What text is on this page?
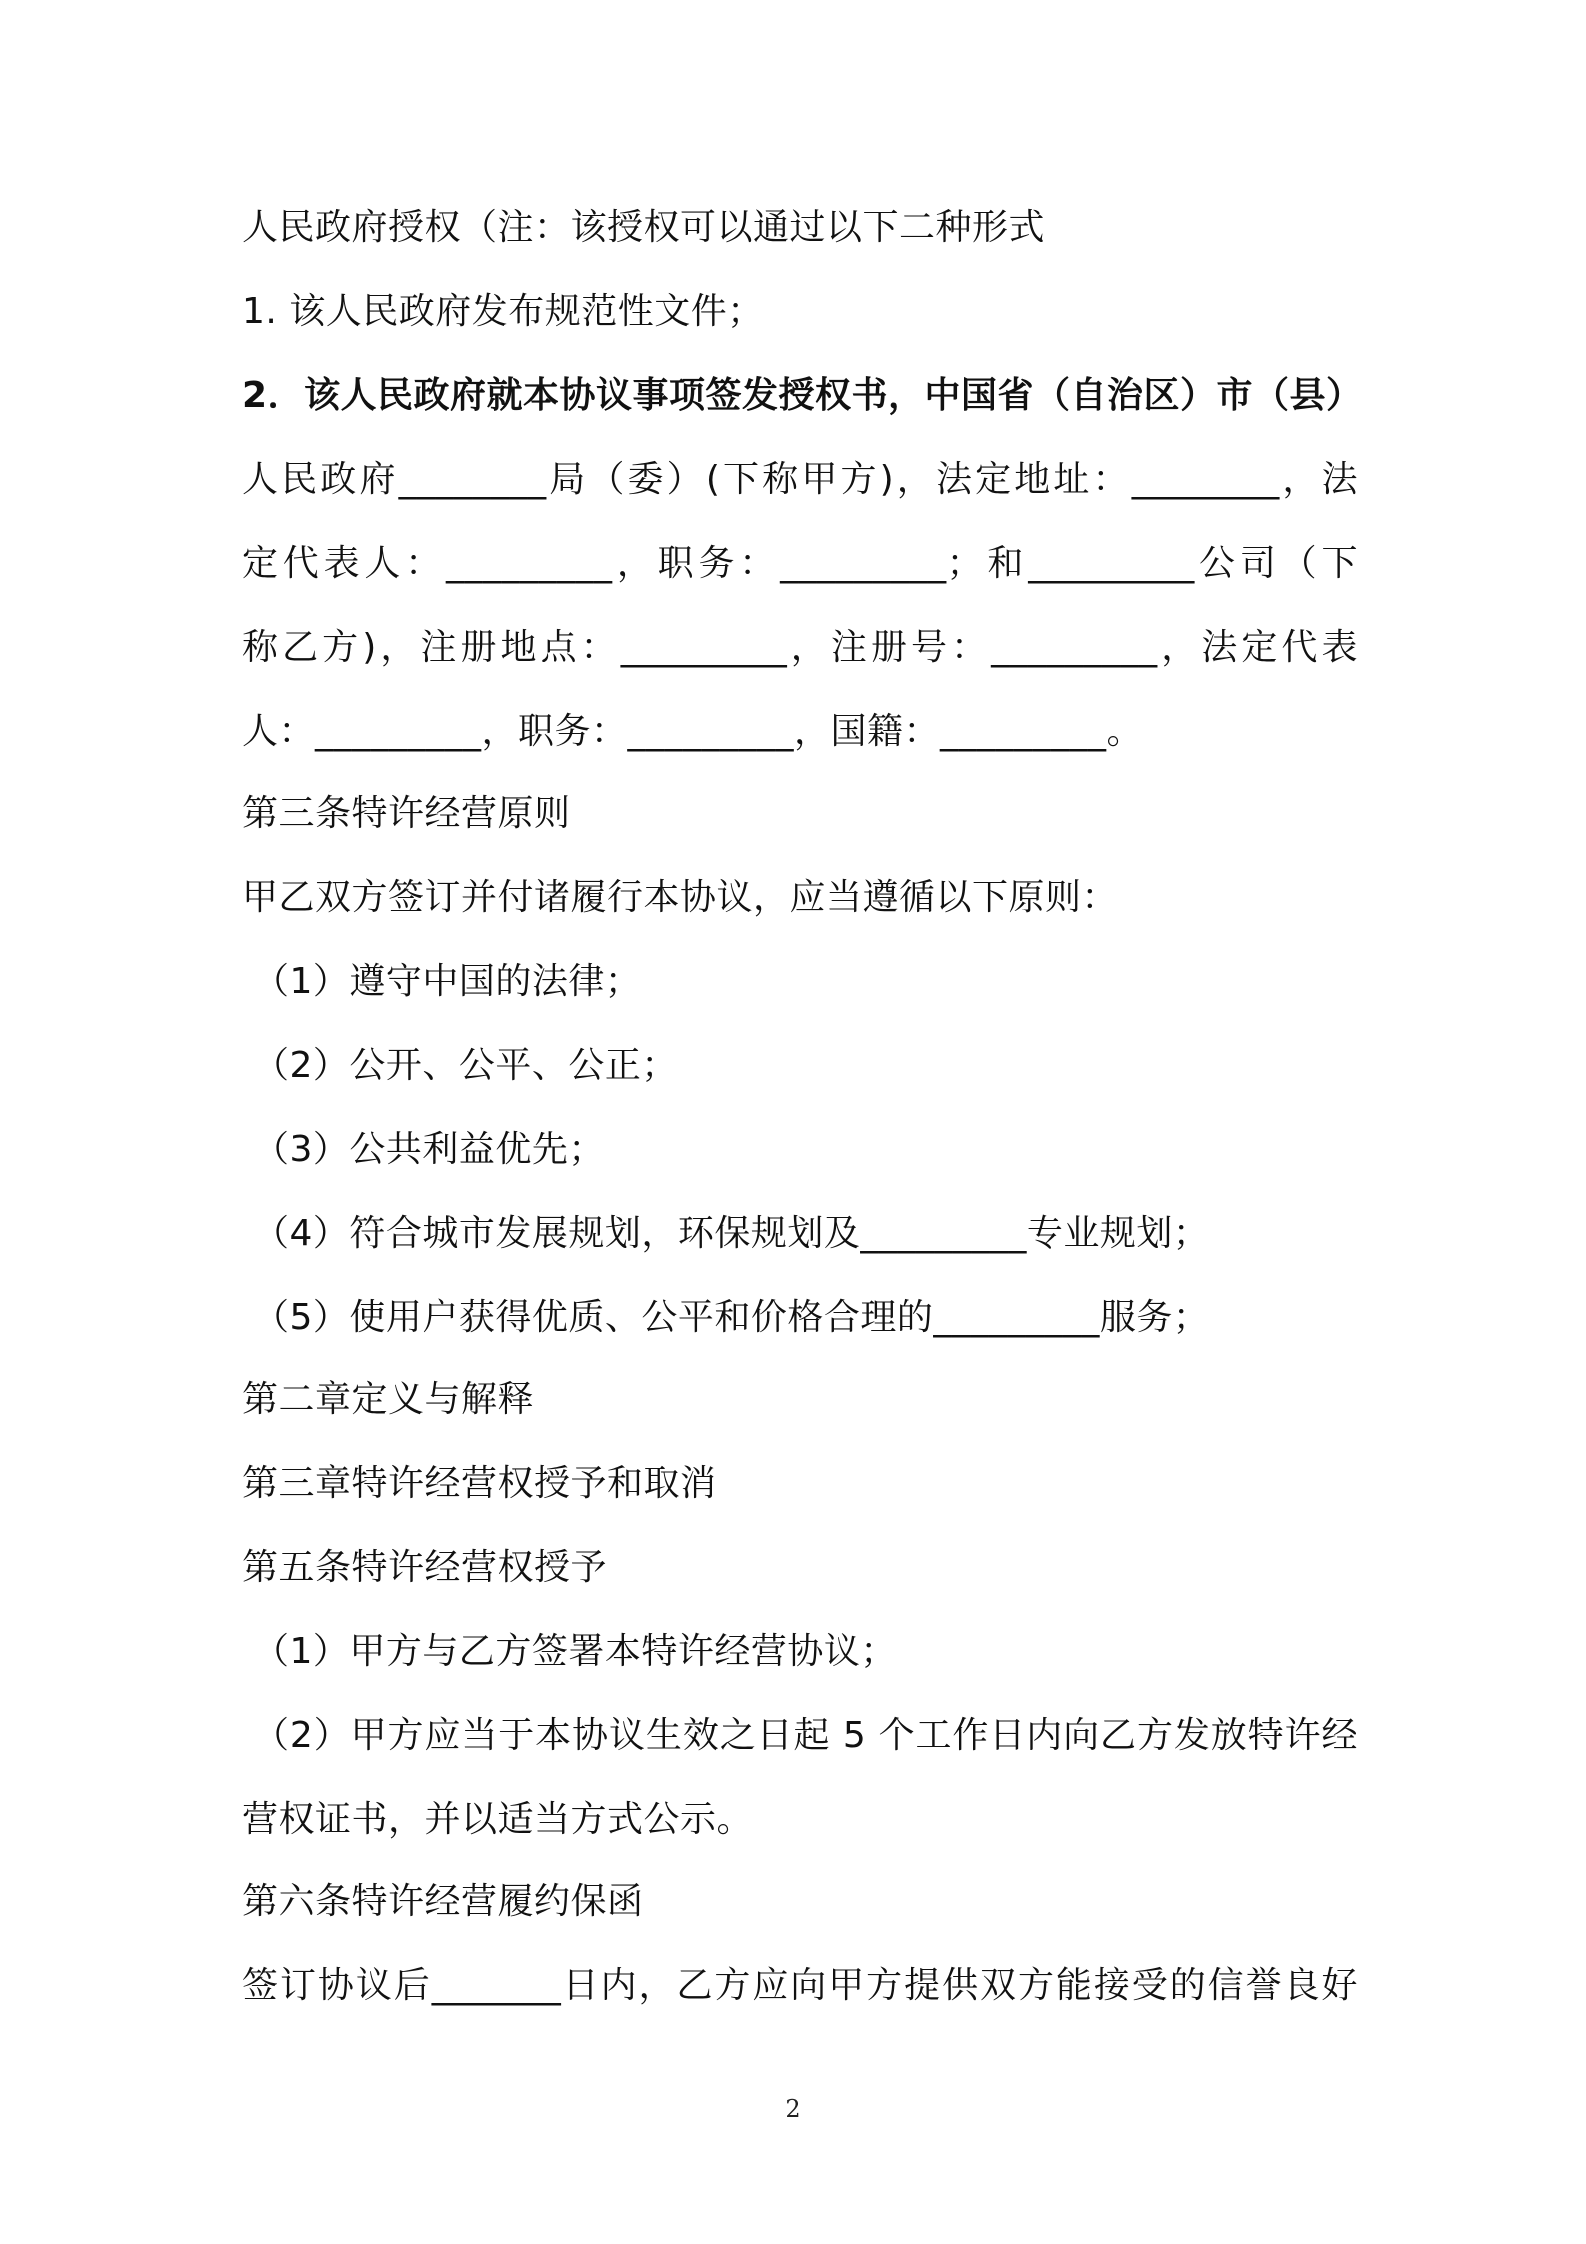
人民政府授权（注：该授权可以通过以下二种形式
1. 该人民政府发布规范性文件；
2．该人民政府就本协议事项签发授权书，中国省（自治区）市（县）
人民政府________局（委）(下称甲方)，法定地址：________，法
定代表人：_________，职务：_________；和_________公司（下
称乙方)，注册地点：_________，注册号：_________，法定代表
人：_________，职务：_________，国籍：_________。
第三条特许经营原则
甲乙双方签订并付诸履行本协议，应当遵循以下原则：
（1）遵守中国的法律；
（2）公开、公平、公正；
（3）公共利益优先；
（4）符合城市发展规划，环保规划及_________专业规划；
（5）使用户获得优质、公平和价格合理的_________服务；
第二章定义与解释
第三章特许经营权授予和取消
第五条特许经营权授予
（1）甲方与乙方签署本特许经营协议；
（2）甲方应当于本协议生效之日起 5 个工作日内向乙方发放特许经
营权证书，并以适当方式公示。
第六条特许经营履约保函
签订协议后_______日内，乙方应向甲方提供双方能接受的信誉良好
2
